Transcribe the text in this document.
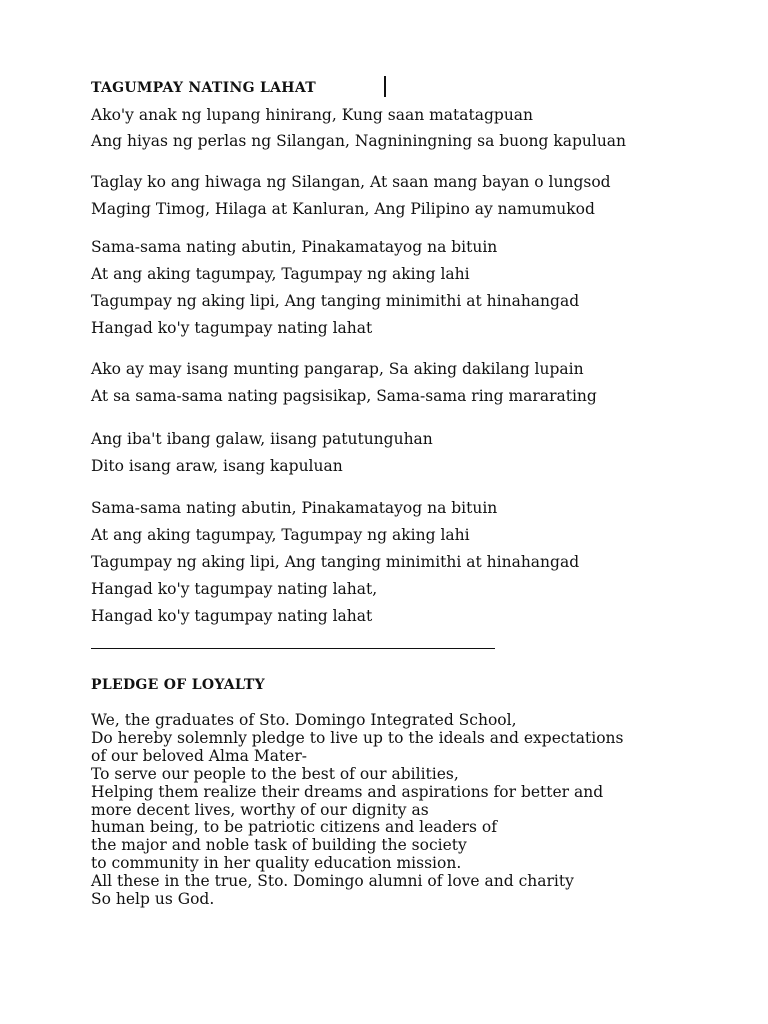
TAGUMPAY NATING LAHAT
Ako'y anak ng lupang hinirang, Kung saan matatagpuan
Ang hiyas ng perlas ng Silangan, Nagniningning sa buong kapuluan
Taglay ko ang hiwaga ng Silangan, At saan mang bayan o lungsod
Maging Timog, Hilaga at Kanluran, Ang Pilipino ay namumukod
Sama-sama nating abutin, Pinakamatayog na bituin
At ang aking tagumpay, Tagumpay ng aking lahi
Tagumpay ng aking lipi, Ang tanging minimithi at hinahangad
Hangad ko'y tagumpay nating lahat
Ako ay may isang munting pangarap, Sa aking dakilang lupain
At sa sama-sama nating pagsisikap, Sama-sama ring mararating
Ang iba't ibang galaw, iisang patutunguhan
Dito isang araw, isang kapuluan
Sama-sama nating abutin, Pinakamatayog na bituin
At ang aking tagumpay, Tagumpay ng aking lahi
Tagumpay ng aking lipi, Ang tanging minimithi at hinahangad
Hangad ko'y tagumpay nating lahat,
Hangad ko'y tagumpay nating lahat
PLEDGE OF LOYALTY
We, the graduates of Sto. Domingo Integrated School,
Do hereby solemnly pledge to live up to the ideals and expectations
of our beloved Alma Mater-
To serve our people to the best of our abilities,
Helping them realize their dreams and aspirations for better and
more decent lives, worthy of our dignity as
human being, to be patriotic citizens and leaders of
the major and noble task of building the society
to community in her quality education mission.
All these in the true, Sto. Domingo alumni of love and charity
So help us God.
